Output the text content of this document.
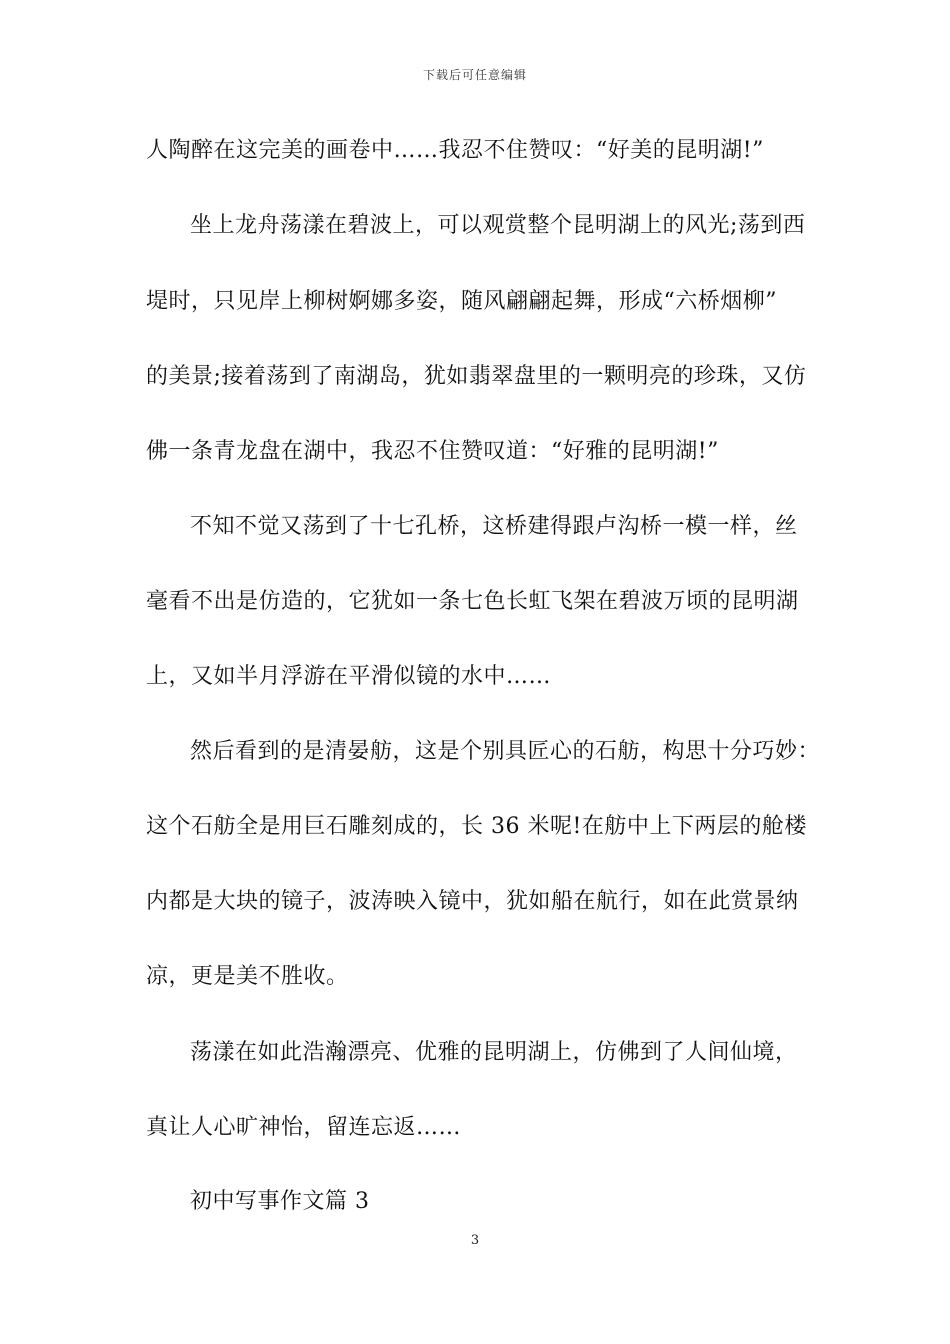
下载后可任意编辑
人陶醉在这完美的画卷中……我忍不住赞叹：“好美的昆明湖!”
坐上龙舟荡漾在碧波上，可以观赏整个昆明湖上的风光;荡到西
堤时，只见岸上柳树婀娜多姿，随风翩翩起舞，形成“六桥烟柳”
的美景;接着荡到了南湖岛，犹如翡翠盘里的一颗明亮的珍珠，又仿
佛一条青龙盘在湖中，我忍不住赞叹道：“好雅的昆明湖!”
不知不觉又荡到了十七孔桥，这桥建得跟卢沟桥一模一样，丝
毫看不出是仿造的，它犹如一条七色长虹飞架在碧波万顷的昆明湖
上，又如半月浮游在平滑似镜的水中……
然后看到的是清晏舫，这是个别具匠心的石舫，构思十分巧妙：
这个石舫全是用巨石雕刻成的，长 36 米呢!在舫中上下两层的舱楼
内都是大块的镜子，波涛映入镜中，犹如船在航行，如在此赏景纳
凉，更是美不胜收。
荡漾在如此浩瀚漂亮、优雅的昆明湖上，仿佛到了人间仙境，
真让人心旷神怡，留连忘返……
初中写事作文篇 3
3
